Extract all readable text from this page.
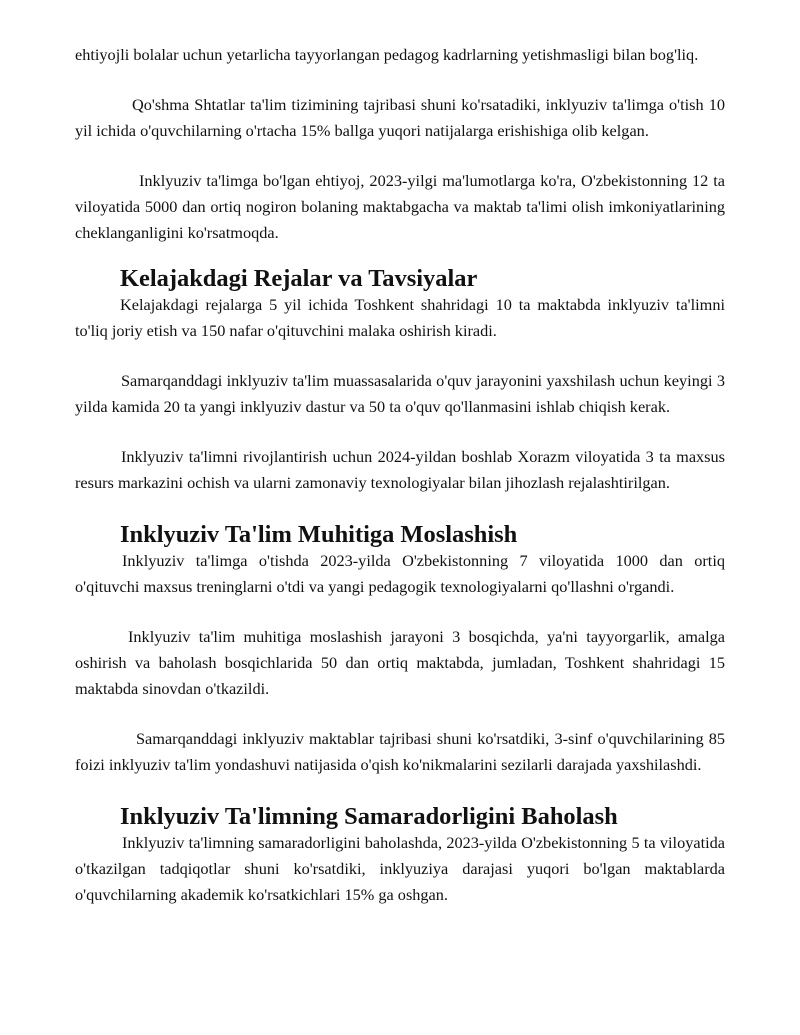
ehtiyojli bolalar uchun yetarlicha tayyorlangan pedagog kadrlarning yetishmasligi bilan bog'liq.

Qo'shma Shtatlar ta'lim tizimining tajribasi shuni ko'rsatadiki, inklyuziv ta'limga o'tish 10 yil ichida o'quvchilarning o'rtacha 15% ballga yuqori natijalarga erishishiga olib kelgan.

Inklyuziv ta'limga bo'lgan ehtiyoj, 2023-yilgi ma'lumotlarga ko'ra, O'zbekistonning 12 ta viloyatida 5000 dan ortiq nogiron bolaning maktabgacha va maktab ta'limi olish imkoniyatlarining cheklanganligini ko'rsatmoqda.

Kelajakdagi Rejalar va Tavsiyalar

Kelajakdagi rejalarga 5 yil ichida Toshkent shahridagi 10 ta maktabda inklyuziv ta'limni to'liq joriy etish va 150 nafar o'qituvchini malaka oshirish kiradi.

Samarqanddagi inklyuziv ta'lim muassasalarida o'quv jarayonini yaxshilash uchun keyingi 3 yilda kamida 20 ta yangi inklyuziv dastur va 50 ta o'quv qo'llanmasini ishlab chiqish kerak.

Inklyuziv ta'limni rivojlantirish uchun 2024-yildan boshlab Xorazm viloyatida 3 ta maxsus resurs markazini ochish va ularni zamonaviy texnologiyalar bilan jihozlash rejalashtirilgan.

Inklyuziv Ta'lim Muhitiga Moslashish

Inklyuziv ta'limga o'tishda 2023-yilda O'zbekistonning 7 viloyatida 1000 dan ortiq o'qituvchi maxsus treninglarni o'tdi va yangi pedagogik texnologiyalarni qo'llashni o'rgandi.

Inklyuziv ta'lim muhitiga moslashish jarayoni 3 bosqichda, ya'ni tayyorgarlik, amalga oshirish va baholash bosqichlarida 50 dan ortiq maktabda, jumladan, Toshkent shahridagi 15 maktabda sinovdan o'tkazildi.

Samarqanddagi inklyuziv maktablar tajribasi shuni ko'rsatdiki, 3-sinf o'quvchilarining 85 foizi inklyuziv ta'lim yondashuvi natijasida o'qish ko'nikmalarini sezilarli darajada yaxshilashdi.

Inklyuziv Ta'limning Samaradorligini Baholash

Inklyuziv ta'limning samaradorligini baholashda, 2023-yilda O'zbekistonning 5 ta viloyatida o'tkazilgan tadqiqotlar shuni ko'rsatdiki, inklyuziya darajasi yuqori bo'lgan maktablarda o'quvchilarning akademik ko'rsatkichlari 15% ga oshgan.
